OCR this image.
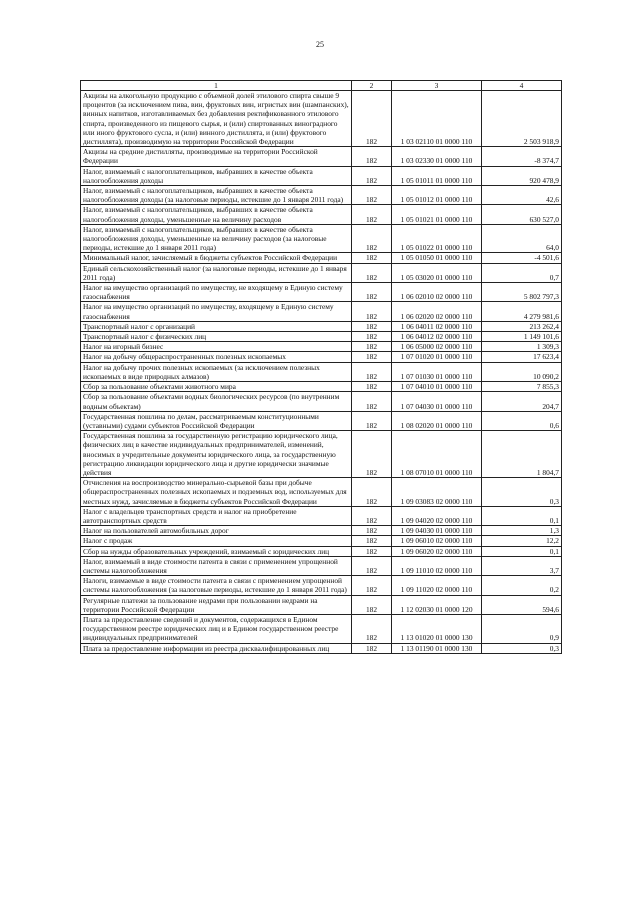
25
1	2	3	4
Акцизы на алкогольную продукцию с объемной долей этилового спирта свыше 9 процентов (за исключением пива, вин, фруктовых вин, игристых вин (шампанских), винных напитков, изготавливаемых без добавления ректификованного этилового спирта, произведенного из пищевого сырья, и (или) спиртованных виноградного или иного фруктового сусла, и (или) винного дистиллята, и (или) фруктового дистиллята), производимую на территории Российской Федерации	182	1 03 02110 01 0000 110	2 503 918,9
Акцизы на средние дистилляты, производимые на территории Российской Федерации	182	1 03 02330 01 0000 110	-8 374,7
Налог, взимаемый с налогоплательщиков, выбравших в качестве объекта налогообложения доходы	182	1 05 01011 01 0000 110	920 478,9
Налог, взимаемый с налогоплательщиков, выбравших в качестве объекта налогообложения доходы (за налоговые периоды, истекшие до 1 января 2011 года)	182	1 05 01012 01 0000 110	42,6
Налог, взимаемый с налогоплательщиков, выбравших в качестве объекта налогообложения доходы, уменьшенные на величину расходов	182	1 05 01021 01 0000 110	630 527,0
Налог, взимаемый с налогоплательщиков, выбравших в качестве объекта налогообложения доходы, уменьшенные на величину расходов (за налоговые периоды, истекшие до 1 января 2011 года)	182	1 05 01022 01 0000 110	64,0
Минимальный налог, зачисляемый в бюджеты субъектов Российской Федерации	182	1 05 01050 01 0000 110	-4 501,6
Единый сельскохозяйственный налог (за налоговые периоды, истекшие до 1 января 2011 года)	182	1 05 03020 01 0000 110	0,7
Налог на имущество организаций по имуществу, не входящему в Единую систему газоснабжения	182	1 06 02010 02 0000 110	5 802 797,3
Налог на имущество организаций по имуществу, входящему в Единую систему газоснабжения	182	1 06 02020 02 0000 110	4 279 981,6
Транспортный налог с организаций	182	1 06 04011 02 0000 110	213 262,4
Транспортный налог с физических лиц	182	1 06 04012 02 0000 110	1 149 101,6
Налог на игорный бизнес	182	1 06 05000 02 0000 110	1 309,3
Налог на добычу общераспространенных полезных ископаемых	182	1 07 01020 01 0000 110	17 623,4
Налог на добычу прочих полезных ископаемых (за исключением полезных ископаемых в виде природных алмазов)	182	1 07 01030 01 0000 110	10 090,2
Сбор за пользование объектами животного мира	182	1 07 04010 01 0000 110	7 855,3
Сбор за пользование объектами водных биологических ресурсов (по внутренним водным объектам)	182	1 07 04030 01 0000 110	204,7
Государственная пошлина по делам, рассматриваемым конституционными (уставными) судами субъектов Российской Федерации	182	1 08 02020 01 0000 110	0,6
Государственная пошлина за государственную регистрацию юридического лица, физических лиц в качестве индивидуальных предпринимателей, изменений, вносимых в учредительные документы юридического лица, за государственную регистрацию ликвидации юридического лица и другие юридически значимые действия	182	1 08 07010 01 0000 110	1 804,7
Отчисления на воспроизводство минерально-сырьевой базы при добыче общераспространенных полезных ископаемых и подземных вод, используемых для местных нужд, зачисляемые в бюджеты субъектов Российской Федерации	182	1 09 03083 02 0000 110	0,3
Налог с владельцев транспортных средств и налог на приобретение автотранспортных средств	182	1 09 04020 02 0000 110	0,1
Налог на пользователей автомобильных дорог	182	1 09 04030 01 0000 110	1,3
Налог с продаж	182	1 09 06010 02 0000 110	12,2
Сбор на нужды образовательных учреждений, взимаемый с юридических лиц	182	1 09 06020 02 0000 110	0,1
Налог, взимаемый в виде стоимости патента в связи с применением упрощенной системы налогообложения	182	1 09 11010 02 0000 110	3,7
Налоги, взимаемые в виде стоимости патента в связи с применением упрощенной системы налогообложения (за налоговые периоды, истекшие до 1 января 2011 года)	182	1 09 11020 02 0000 110	0,2
Регулярные платежи за пользование недрами при пользовании недрами на территории Российской Федерации	182	1 12 02030 01 0000 120	594,6
Плата за предоставление сведений и документов, содержащихся в Едином государственном реестре юридических лиц и в Едином государственном реестре индивидуальных предпринимателей	182	1 13 01020 01 0000 130	0,9
Плата за предоставление информации из реестра дисквалифицированных лиц	182	1 13 01190 01 0000 130	0,3
